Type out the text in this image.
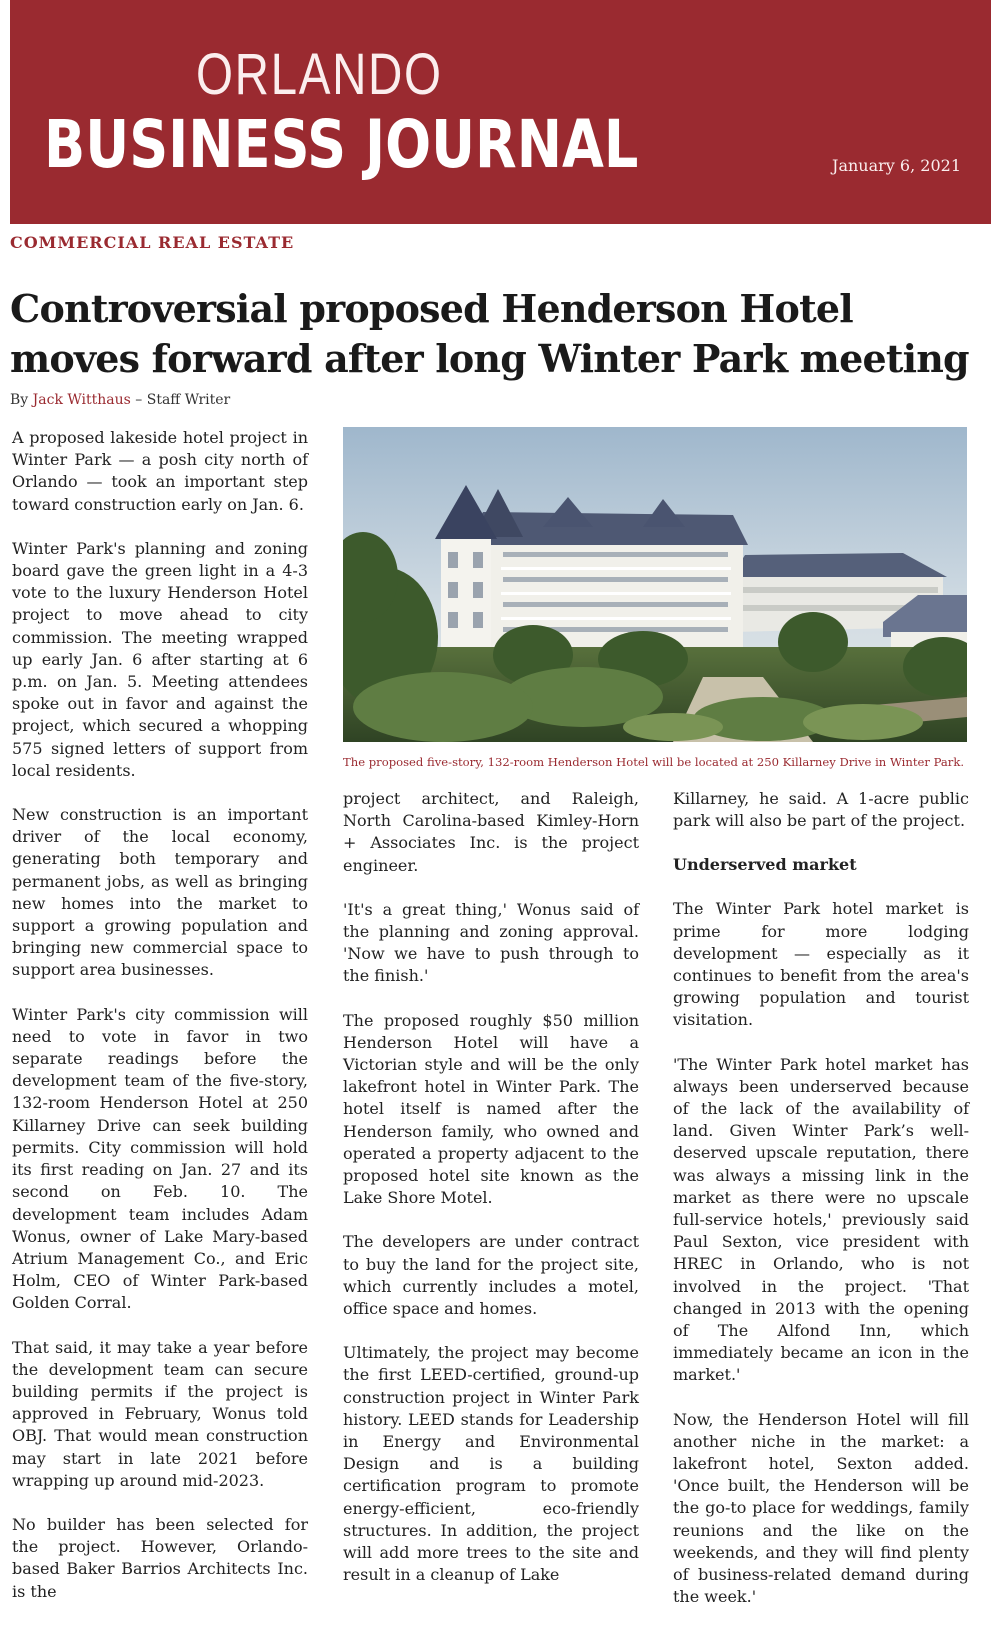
ORLANDO
BUSINESS JOURNAL	January 6, 2021
COMMERCIAL REAL ESTATE
Controversial proposed Henderson Hotel moves forward after long Winter Park meeting
By Jack Witthaus – Staff Writer

A proposed lakeside hotel project in Winter Park — a posh city north of Orlando — took an important step toward construction early on Jan. 6.

Winter Park's planning and zoning board gave the green light in a 4-3 vote to the luxury Henderson Hotel project to move ahead to city commission. The meeting wrapped up early Jan. 6 after starting at 6 p.m. on Jan. 5. Meeting attendees spoke out in favor and against the project, which secured a whopping 575 signed letters of support from local residents.

New construction is an important driver of the local economy, generating both temporary and permanent jobs, as well as bringing new homes into the market to support a growing population and bringing new commercial space to support area businesses.

Winter Park's city commission will need to vote in favor in two separate readings before the development team of the five-story, 132-room Henderson Hotel at 250 Killarney Drive can seek building permits. City commission will hold its first reading on Jan. 27 and its second on Feb. 10. The development team includes Adam Wonus, owner of Lake Mary-based Atrium Management Co., and Eric Holm, CEO of Winter Park-based Golden Corral.

That said, it may take a year before the development team can secure building permits if the project is approved in February, Wonus told OBJ. That would mean construction may start in late 2021 before wrapping up around mid-2023.

No builder has been selected for the project. However, Orlando-based Baker Barrios Architects Inc. is the

The proposed five-story, 132-room Henderson Hotel will be located at 250 Killarney Drive in Winter Park.

project architect, and Raleigh, North Carolina-based Kimley-Horn + Associates Inc. is the project engineer.

'It's a great thing,' Wonus said of the planning and zoning approval. 'Now we have to push through to the finish.'

The proposed roughly $50 million Henderson Hotel will have a Victorian style and will be the only lakefront hotel in Winter Park. The hotel itself is named after the Henderson family, who owned and operated a property adjacent to the proposed hotel site known as the Lake Shore Motel.

The developers are under contract to buy the land for the project site, which currently includes a motel, office space and homes.

Ultimately, the project may become the first LEED-certified, ground-up construction project in Winter Park history. LEED stands for Leadership in Energy and Environmental Design and is a building certification program to promote energy-efficient, eco-friendly structures. In addition, the project will add more trees to the site and result in a cleanup of Lake

Killarney, he said. A 1-acre public park will also be part of the project.

Underserved market

The Winter Park hotel market is prime for more lodging development — especially as it continues to benefit from the area's growing population and tourist visitation.

'The Winter Park hotel market has always been underserved because of the lack of the availability of land. Given Winter Park’s well-deserved upscale reputation, there was always a missing link in the market as there were no upscale full-service hotels,' previously said Paul Sexton, vice president with HREC in Orlando, who is not involved in the project. 'That changed in 2013 with the opening of The Alfond Inn, which immediately became an icon in the market.'

Now, the Henderson Hotel will fill another niche in the market: a lakefront hotel, Sexton added. 'Once built, the Henderson will be the go-to place for weddings, family reunions and the like on the weekends, and they will find plenty of business-related demand during the week.'
